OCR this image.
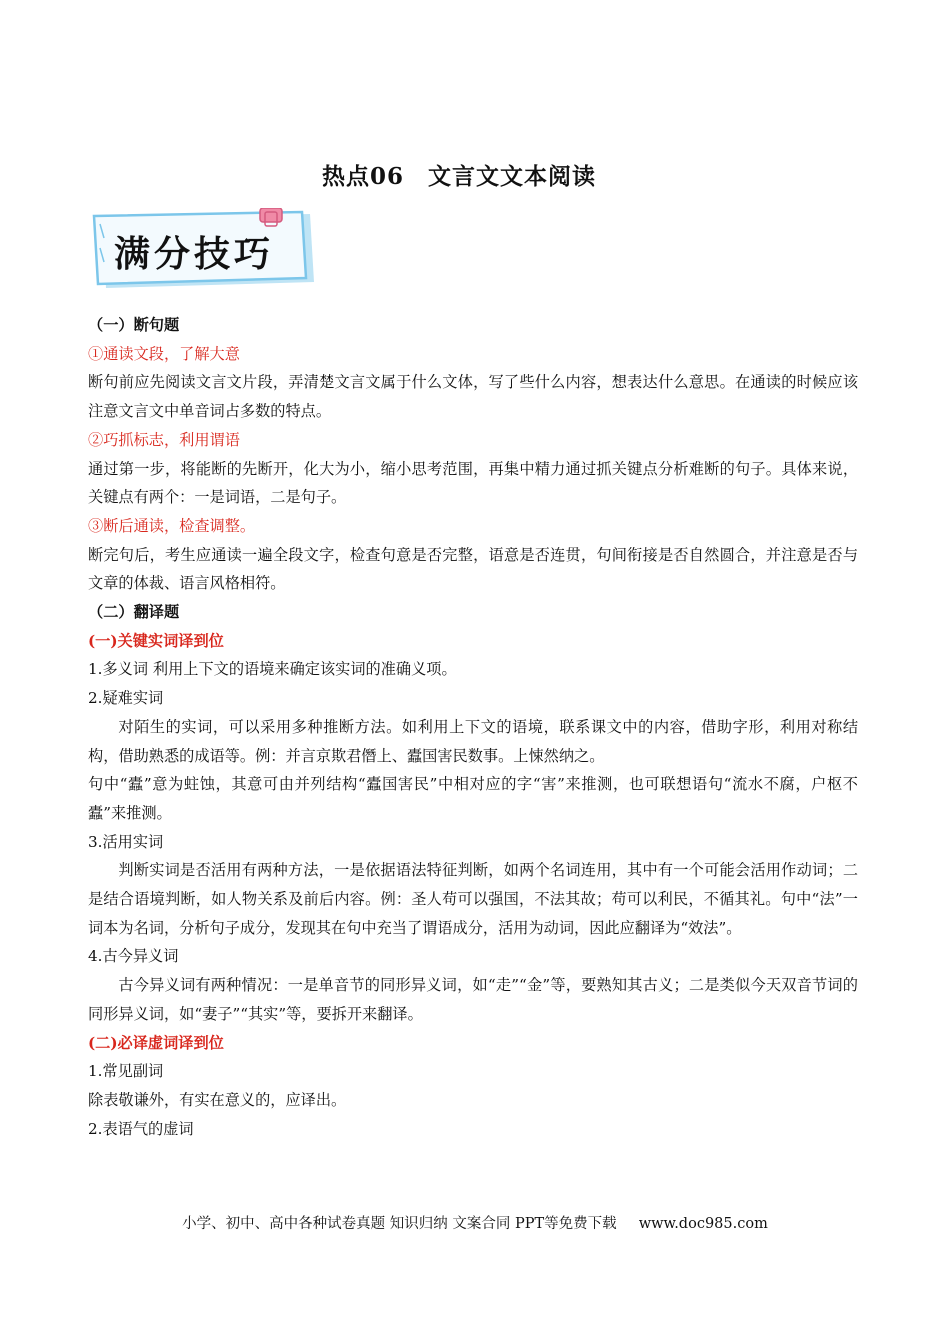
热点06　文言文文本阅读
满分技巧

（一）断句题

①通读文段，了解大意

断句前应先阅读文言文片段，弄清楚文言文属于什么文体，写了些什么内容，想表达什么意思。在通读的时候应该注意文言文中单音词占多数的特点。

②巧抓标志，利用谓语

通过第一步，将能断的先断开，化大为小，缩小思考范围，再集中精力通过抓关键点分析难断的句子。具体来说，关键点有两个：一是词语，二是句子。

③断后通读，检查调整。

断完句后，考生应通读一遍全段文字，检查句意是否完整，语意是否连贯，句间衔接是否自然圆合，并注意是否与文章的体裁、语言风格相符。

（二）翻译题

(一)关键实词译到位

1.多义词 利用上下文的语境来确定该实词的准确义项。

2.疑难实词

对陌生的实词，可以采用多种推断方法。如利用上下文的语境，联系课文中的内容，借助字形，利用对称结构，借助熟悉的成语等。例：并言京欺君僭上、蠹国害民数事。上悚然纳之。

句中“蠹”意为蛀蚀，其意可由并列结构“蠹国害民”中相对应的字“害”来推测，也可联想语句“流水不腐，户枢不蠹”来推测。

3.活用实词

判断实词是否活用有两种方法，一是依据语法特征判断，如两个名词连用，其中有一个可能会活用作动词；二是结合语境判断，如人物关系及前后内容。例：圣人苟可以强国，不法其故；苟可以利民，不循其礼。句中“法”一词本为名词，分析句子成分，发现其在句中充当了谓语成分，活用为动词，因此应翻译为“效法”。

4.古今异义词

古今异义词有两种情况：一是单音节的同形异义词，如“走”“金”等，要熟知其古义；二是类似今天双音节词的同形异义词，如“妻子”“其实”等，要拆开来翻译。

(二)必译虚词译到位

1.常见副词

除表敬谦外，有实在意义的，应译出。

2.表语气的虚词

小学、初中、高中各种试卷真题 知识归纳 文案合同 PPT等免费下载 www.doc985.com
